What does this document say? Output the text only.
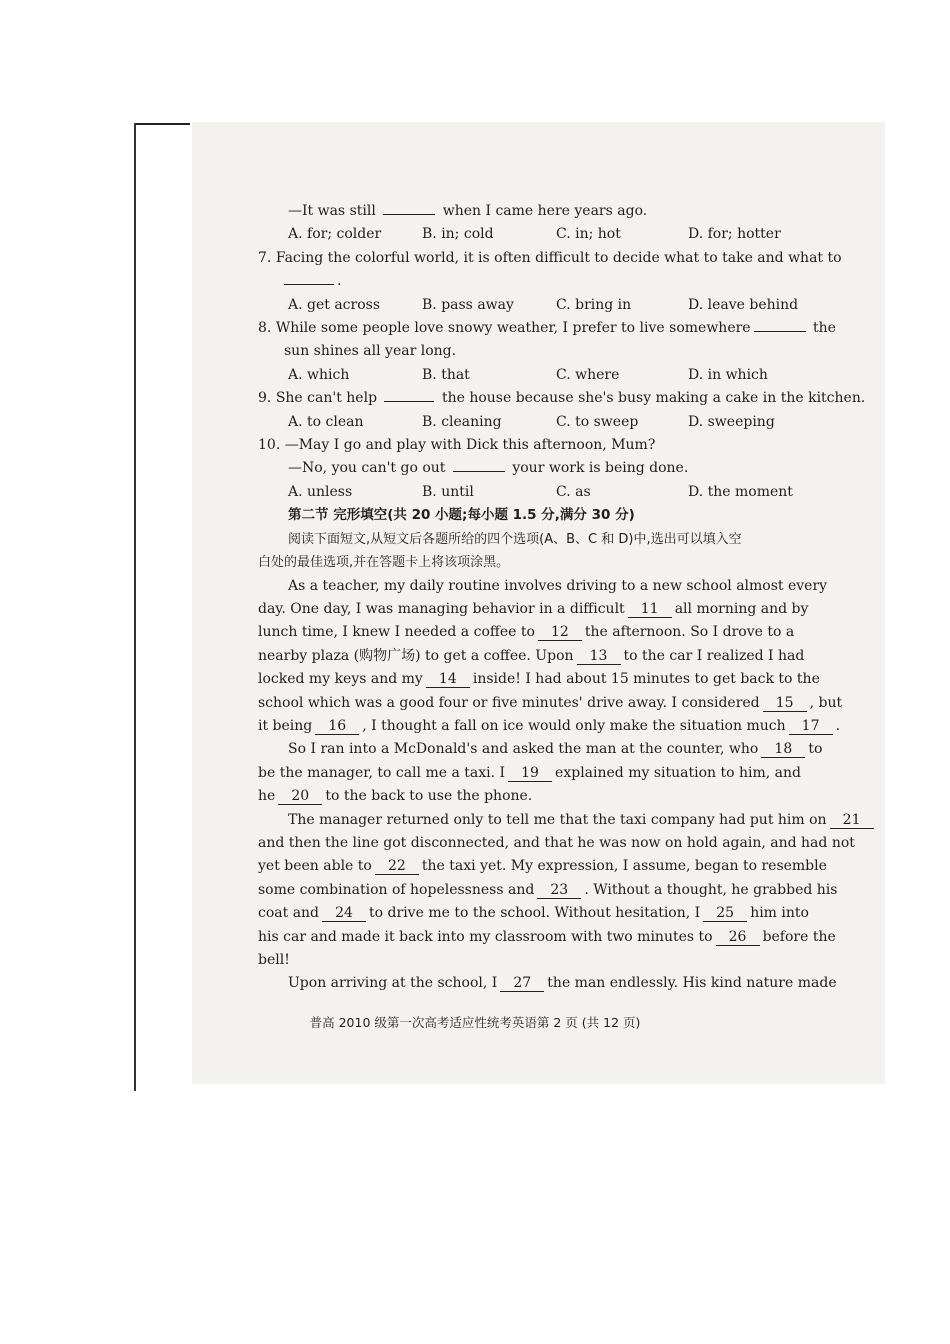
—It was still	when I came here years ago.
A. for; colder	B. in; cold	C. in; hot	D. for; hotter
7. Facing the colorful world, it is often difficult to decide what to take and what to
.
A. get across	B. pass away	C. bring in	D. leave behind
8. While some people love snowy weather, I prefer to live somewhere	the
sun shines all year long.
A. which	B. that	C. where	D. in which
9. She can't help	the house because she's busy making a cake in the kitchen.
A. to clean	B. cleaning	C. to sweep	D. sweeping
10. —May I go and play with Dick this afternoon, Mum?
—No, you can't go out	your work is being done.
A. unless	B. until	C. as	D. the moment
第二节 完形填空(共 20 小题;每小题 1.5 分,满分 30 分)
阅读下面短文,从短文后各题所给的四个选项(A、B、C 和 D)中,选出可以填入空
白处的最佳选项,并在答题卡上将该项涂黑。
As a teacher, my daily routine involves driving to a new school almost every
day. One day, I was managing behavior in a difficult 11 all morning and by
lunch time, I knew I needed a coffee to 12 the afternoon. So I drove to a
nearby plaza (购物广场) to get a coffee. Upon 13 to the car I realized I had
locked my keys and my 14 inside! I had about 15 minutes to get back to the
school which was a good four or five minutes' drive away. I considered 15 , but
it being 16 , I thought a fall on ice would only make the situation much 17 .
So I ran into a McDonald's and asked the man at the counter, who 18 to
be the manager, to call me a taxi. I 19 explained my situation to him, and
he 20 to the back to use the phone.
The manager returned only to tell me that the taxi company had put him on 21
and then the line got disconnected, and that he was now on hold again, and had not
yet been able to 22 the taxi yet. My expression, I assume, began to resemble
some combination of hopelessness and 23 . Without a thought, he grabbed his
coat and 24 to drive me to the school. Without hesitation, I 25 him into
his car and made it back into my classroom with two minutes to 26 before the
bell!
Upon arriving at the school, I 27 the man endlessly. His kind nature made
普高 2010 级第一次高考适应性统考英语第 2 页 (共 12 页)
